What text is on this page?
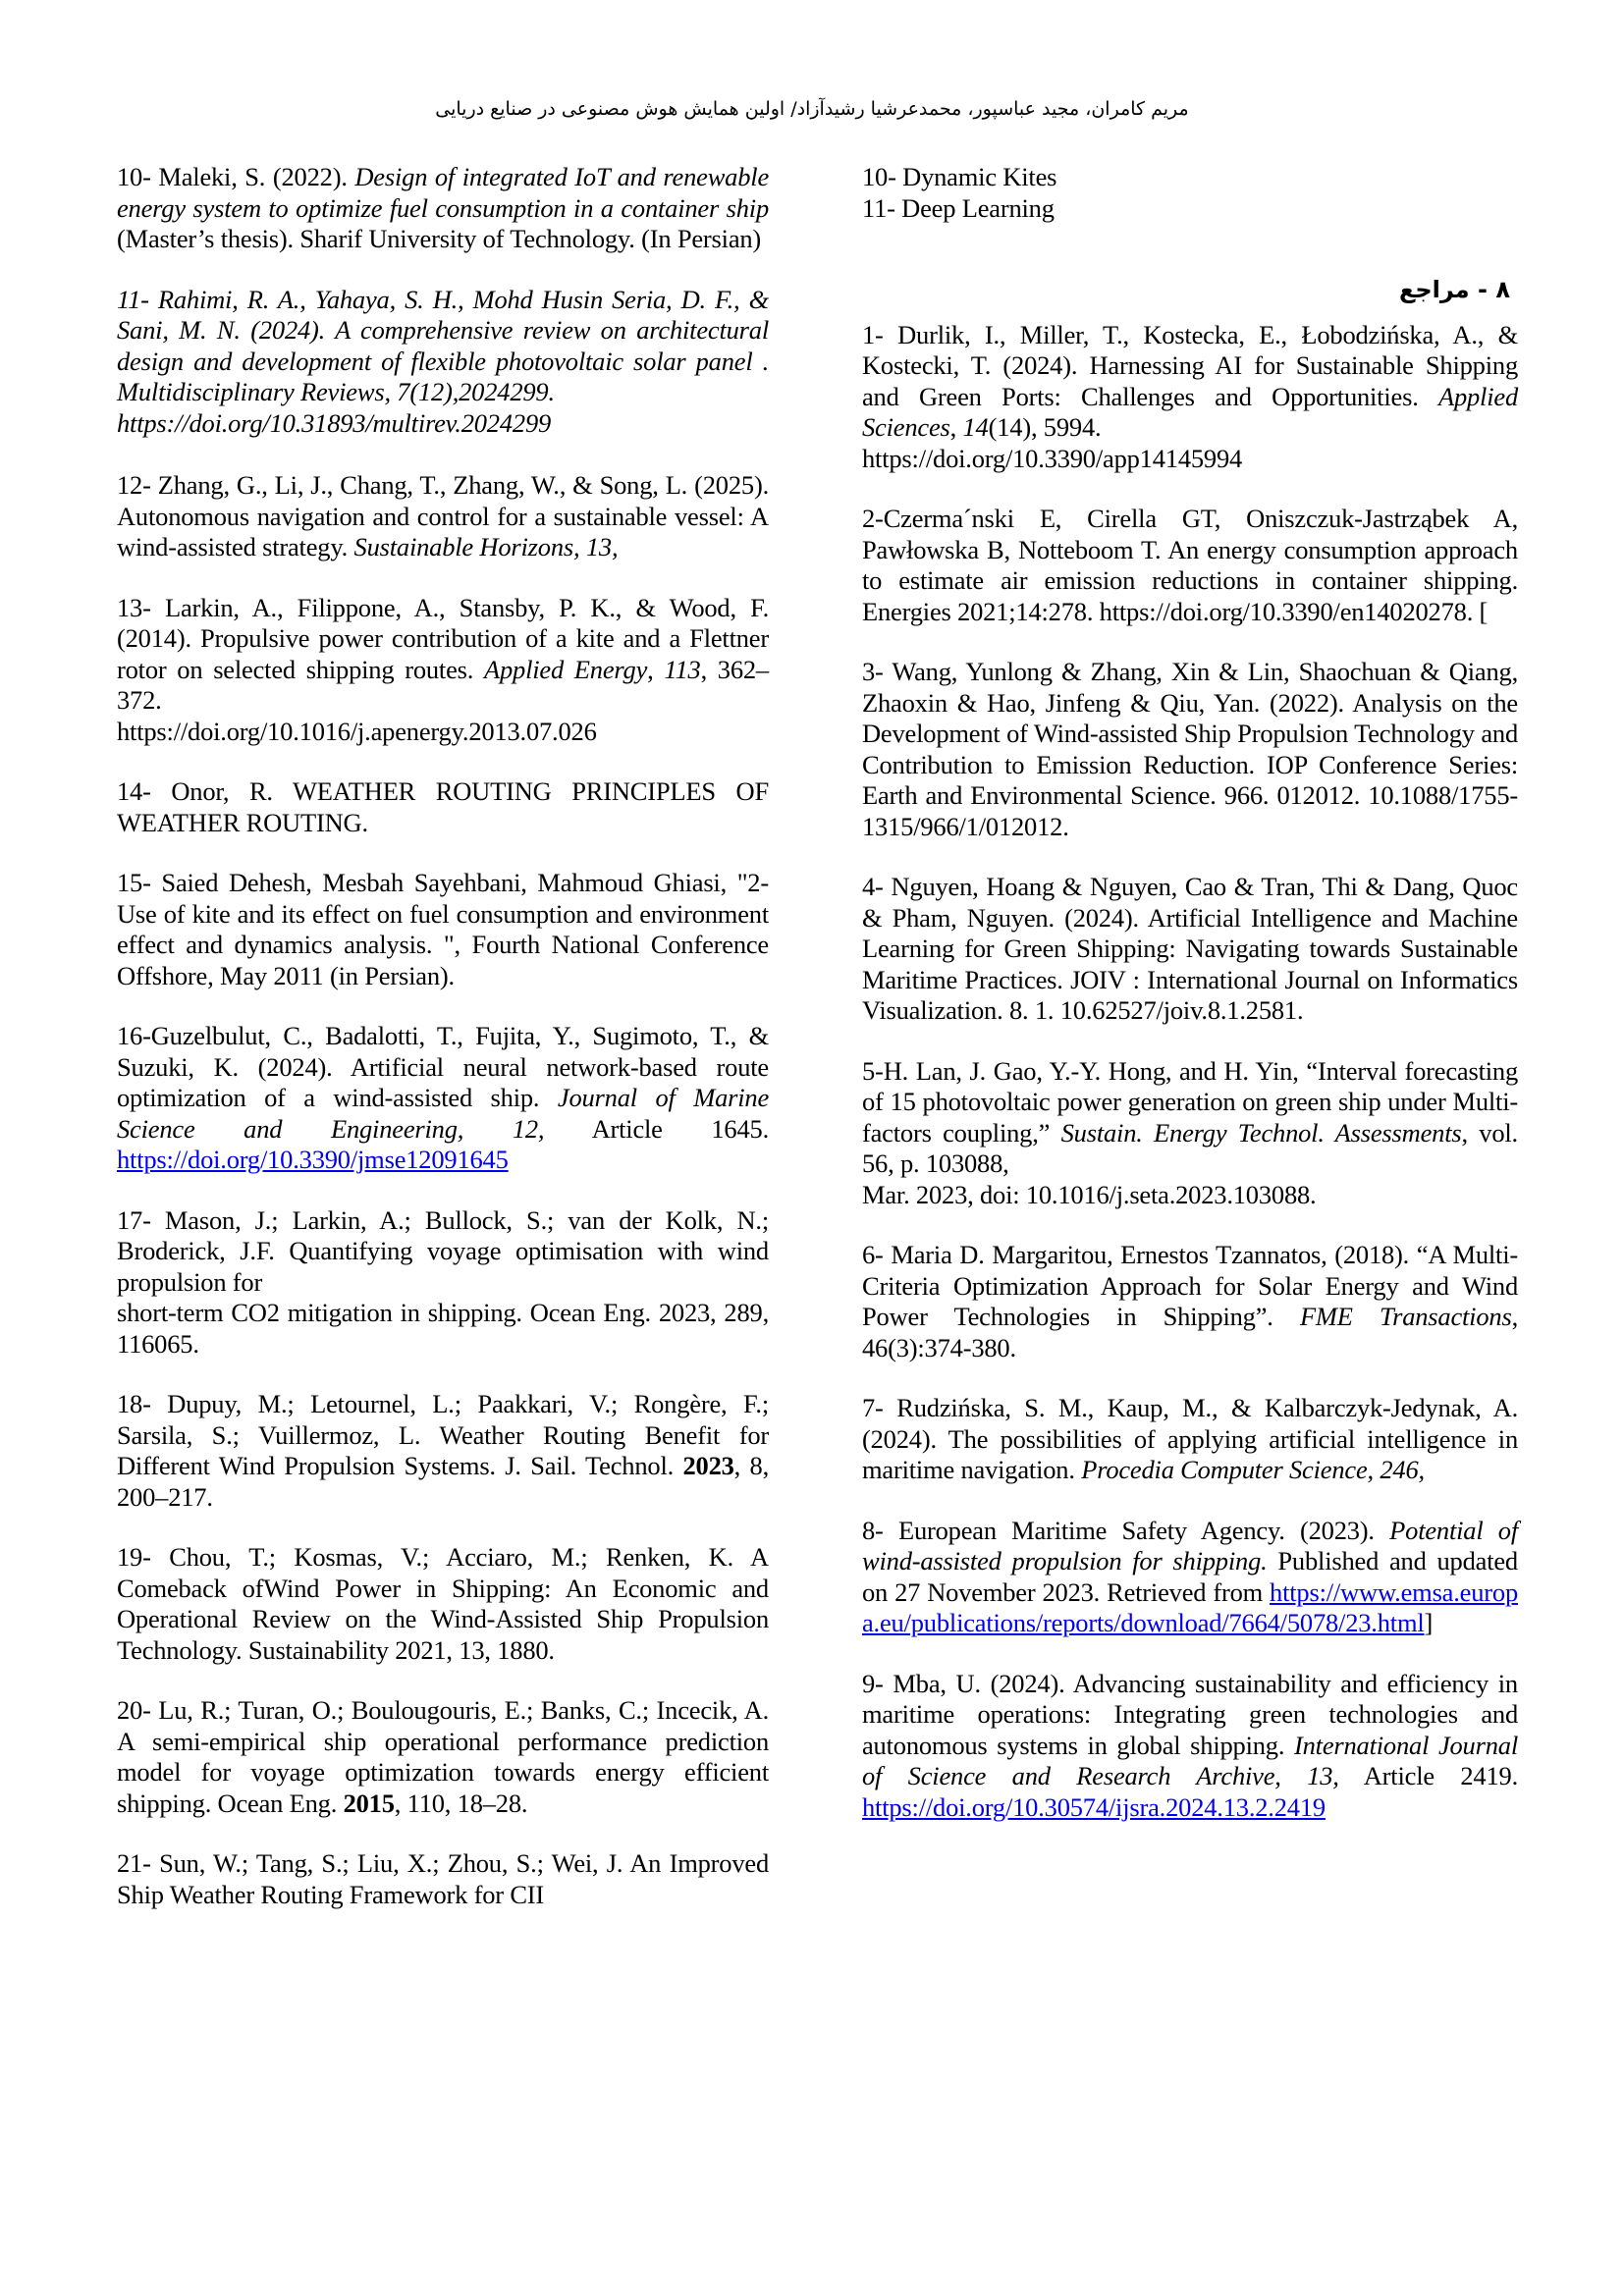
مریم کامران، مجید عباسپور، محمدعرشیا رشیدآزاد/ اولین همایش هوش مصنوعی در صنایع دریایی

10- Maleki, S. (2022). Design of integrated IoT and renewable energy system to optimize fuel consumption in a container ship (Master’s thesis). Sharif University of Technology. (In Persian)

11- Rahimi, R. A., Yahaya, S. H., Mohd Husin Seria, D. F., & Sani, M. N. (2024). A comprehensive review on architectural design and development of flexible photovoltaic solar panel . Multidisciplinary Reviews, 7(12),2024299.
https://doi.org/10.31893/multirev.2024299

12- Zhang, G., Li, J., Chang, T., Zhang, W., & Song, L. (2025). Autonomous navigation and control for a sustainable vessel: A wind-assisted strategy. Sustainable Horizons, 13,

13- Larkin, A., Filippone, A., Stansby, P. K., & Wood, F. (2014). Propulsive power contribution of a kite and a Flettner rotor on selected shipping routes. Applied Energy, 113, 362–372.
https://doi.org/10.1016/j.apenergy.2013.07.026

14- Onor, R. WEATHER ROUTING PRINCIPLES OF WEATHER ROUTING.

15- Saied Dehesh, Mesbah Sayehbani, Mahmoud Ghiasi, "2-Use of kite and its effect on fuel consumption and environment effect and dynamics analysis. ", Fourth National Conference Offshore, May 2011 (in Persian).

16-Guzelbulut, C., Badalotti, T., Fujita, Y., Sugimoto, T., & Suzuki, K. (2024). Artificial neural network-based route optimization of a wind-assisted ship. Journal of Marine Science and Engineering, 12, Article 1645. https://doi.org/10.3390/jmse12091645

17- Mason, J.; Larkin, A.; Bullock, S.; van der Kolk, N.; Broderick, J.F. Quantifying voyage optimisation with wind propulsion for
short-term CO2 mitigation in shipping. Ocean Eng. 2023, 289, 116065.

18- Dupuy, M.; Letournel, L.; Paakkari, V.; Rongère, F.; Sarsila, S.; Vuillermoz, L. Weather Routing Benefit for Different Wind Propulsion Systems. J. Sail. Technol. 2023, 8, 200–217.

19- Chou, T.; Kosmas, V.; Acciaro, M.; Renken, K. A Comeback ofWind Power in Shipping: An Economic and Operational Review on the Wind-Assisted Ship Propulsion Technology. Sustainability 2021, 13, 1880.

20- Lu, R.; Turan, O.; Boulougouris, E.; Banks, C.; Incecik, A. A semi-empirical ship operational performance prediction model for voyage optimization towards energy efficient shipping. Ocean Eng. 2015, 110, 18–28.

21- Sun, W.; Tang, S.; Liu, X.; Zhou, S.; Wei, J. An Improved Ship Weather Routing Framework for CII

10- Dynamic Kites

11- Deep Learning

۸ - مراجع

1- Durlik, I., Miller, T., Kostecka, E., Łobodzińska, A., & Kostecki, T. (2024). Harnessing AI for Sustainable Shipping and Green Ports: Challenges and Opportunities. Applied Sciences, 14(14), 5994.
https://doi.org/10.3390/app14145994

2-Czerma´nski E, Cirella GT, Oniszczuk-Jastrząbek A, Pawłowska B, Notteboom T. An energy consumption approach to estimate air emission reductions in container shipping. Energies 2021;14:278. https://doi.org/10.3390/en14020278. [

3- Wang, Yunlong & Zhang, Xin & Lin, Shaochuan & Qiang, Zhaoxin & Hao, Jinfeng & Qiu, Yan. (2022). Analysis on the Development of Wind-assisted Ship Propulsion Technology and Contribution to Emission Reduction. IOP Conference Series: Earth and Environmental Science. 966. 012012. 10.1088/1755-1315/966/1/012012.

4- Nguyen, Hoang & Nguyen, Cao & Tran, Thi & Dang, Quoc & Pham, Nguyen. (2024). Artificial Intelligence and Machine Learning for Green Shipping: Navigating towards Sustainable Maritime Practices. JOIV : International Journal on Informatics Visualization. 8. 1. 10.62527/joiv.8.1.2581.

5-H. Lan, J. Gao, Y.-Y. Hong, and H. Yin, “Interval forecasting of 15 photovoltaic power generation on green ship under Multi-factors coupling,” Sustain. Energy Technol. Assessments, vol. 56, p. 103088,
Mar. 2023, doi: 10.1016/j.seta.2023.103088.

6- Maria D. Margaritou, Ernestos Tzannatos, (2018). “A Multi-Criteria Optimization Approach for Solar Energy and Wind Power Technologies in Shipping”. FME Transactions, 46(3):374-380.

7- Rudzińska, S. M., Kaup, M., & Kalbarczyk-Jedynak, A. (2024). The possibilities of applying artificial intelligence in maritime navigation. Procedia Computer Science, 246,

8- European Maritime Safety Agency. (2023). Potential of wind-assisted propulsion for shipping. Published and updated on 27 November 2023. Retrieved from https://www.emsa.europa.eu/publications/reports/download/7664/5078/23.html]

9- Mba, U. (2024). Advancing sustainability and efficiency in maritime operations: Integrating green technologies and autonomous systems in global shipping. International Journal of Science and Research Archive, 13, Article 2419. https://doi.org/10.30574/ijsra.2024.13.2.2419
